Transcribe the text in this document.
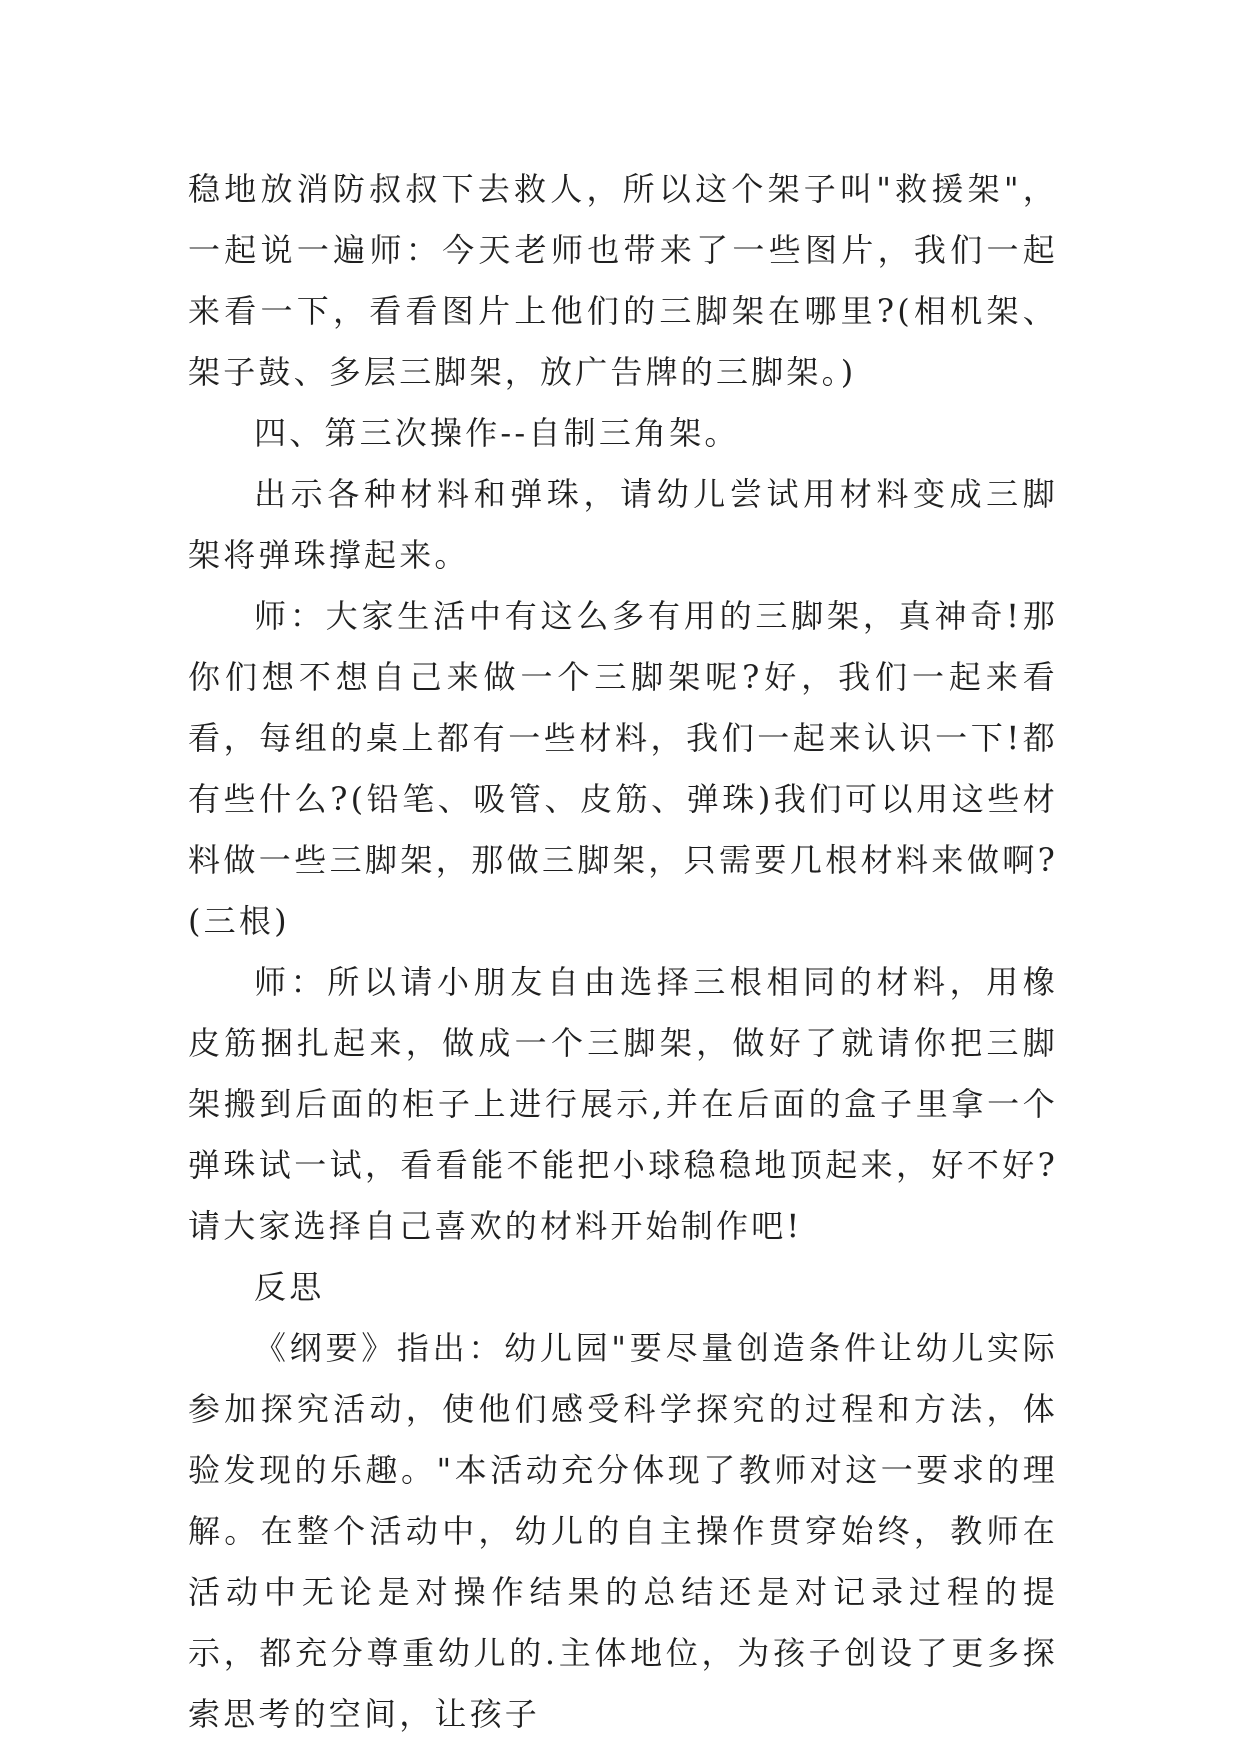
稳地放消防叔叔下去救人，所以这个架子叫"救援架"，一起说一遍师：今天老师也带来了一些图片，我们一起来看一下，看看图片上他们的三脚架在哪里?(相机架、架子鼓、多层三脚架，放广告牌的三脚架。)

四、第三次操作--自制三角架。

出示各种材料和弹珠，请幼儿尝试用材料变成三脚架将弹珠撑起来。

师：大家生活中有这么多有用的三脚架，真神奇!那你们想不想自己来做一个三脚架呢?好，我们一起来看看，每组的桌上都有一些材料，我们一起来认识一下!都有些什么?(铅笔、吸管、皮筋、弹珠)我们可以用这些材料做一些三脚架，那做三脚架，只需要几根材料来做啊?(三根)

师：所以请小朋友自由选择三根相同的材料，用橡皮筋捆扎起来，做成一个三脚架，做好了就请你把三脚架搬到后面的柜子上进行展示,并在后面的盒子里拿一个弹珠试一试，看看能不能把小球稳稳地顶起来，好不好?请大家选择自己喜欢的材料开始制作吧!

反思

《纲要》指出：幼儿园"要尽量创造条件让幼儿实际参加探究活动，使他们感受科学探究的过程和方法，体验发现的乐趣。"本活动充分体现了教师对这一要求的理解。在整个活动中，幼儿的自主操作贯穿始终，教师在活动中无论是对操作结果的总结还是对记录过程的提示，都充分尊重幼儿的.主体地位，为孩子创设了更多探索思考的空间，让孩子
